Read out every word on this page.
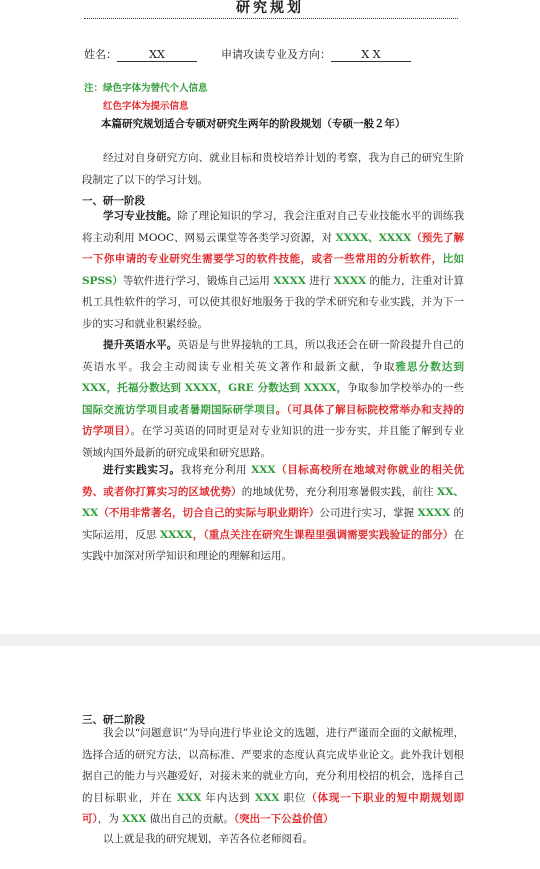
研究规划
姓名：	XX	申请攻读专业及方向：	X X
注：绿色字体为替代个人信息
红色字体为提示信息
本篇研究规划适合专硕对研究生两年的阶段规划（专硕一般２年）
经过对自身研究方向、就业目标和贵校培养计划的考察，我为自己的研究生阶段制定了以下的学习计划。
一、研一阶段
学习专业技能。除了理论知识的学习，我会注重对自己专业技能水平的训练我将主动利用 MOOC、网易云课堂等各类学习资源，对 XXXX、XXXX（预先了解一下你申请的专业研究生需要学习的软件技能，或者一些常用的分析软件，比如 SPSS）等软件进行学习，锻炼自己运用 XXXX 进行 XXXX 的能力，注重对计算机工具性软件的学习，可以使其很好地服务于我的学术研究和专业实践，并为下一步的实习和就业积累经验。
提升英语水平。英语是与世界接轨的工具，所以我还会在研一阶段提升自己的英语水平。我会主动阅读专业相关英文著作和最新文献，争取雅思分数达到 XXX，托福分数达到 XXXX，GRE 分数达到 XXXX，争取参加学校举办的一些国际交流访学项目或者暑期国际研学项目。（可具体了解目标院校常举办和支持的访学项目）。在学习英语的同时更是对专业知识的进一步夯实，并且能了解到专业领域内国外最新的研究成果和研究思路。
进行实践实习。我将充分利用 XXX（目标高校所在地域对你就业的相关优势、或者你打算实习的区域优势）的地域优势，充分利用寒暑假实践，前往 XX、XX（不用非常著名，切合自己的实际与职业期许）公司进行实习，掌握 XXXX 的实际运用，反思 XXXX，（重点关注在研究生课程里强调需要实践验证的部分）在实践中加深对所学知识和理论的理解和运用。
三、研二阶段
我会以“问题意识”为导向进行毕业论文的选题，进行严谨而全面的文献梳理，选择合适的研究方法，以高标准、严要求的态度认真完成毕业论文。此外我计划根据自己的能力与兴趣爱好，对接未来的就业方向，充分利用校招的机会，选择自己的目标职业，并在 XXX 年内达到 XXX 职位（体现一下职业的短中期规划即可），为 XXX 做出自己的贡献。（突出一下公益价值）
以上就是我的研究规划，辛苦各位老师阅看。
